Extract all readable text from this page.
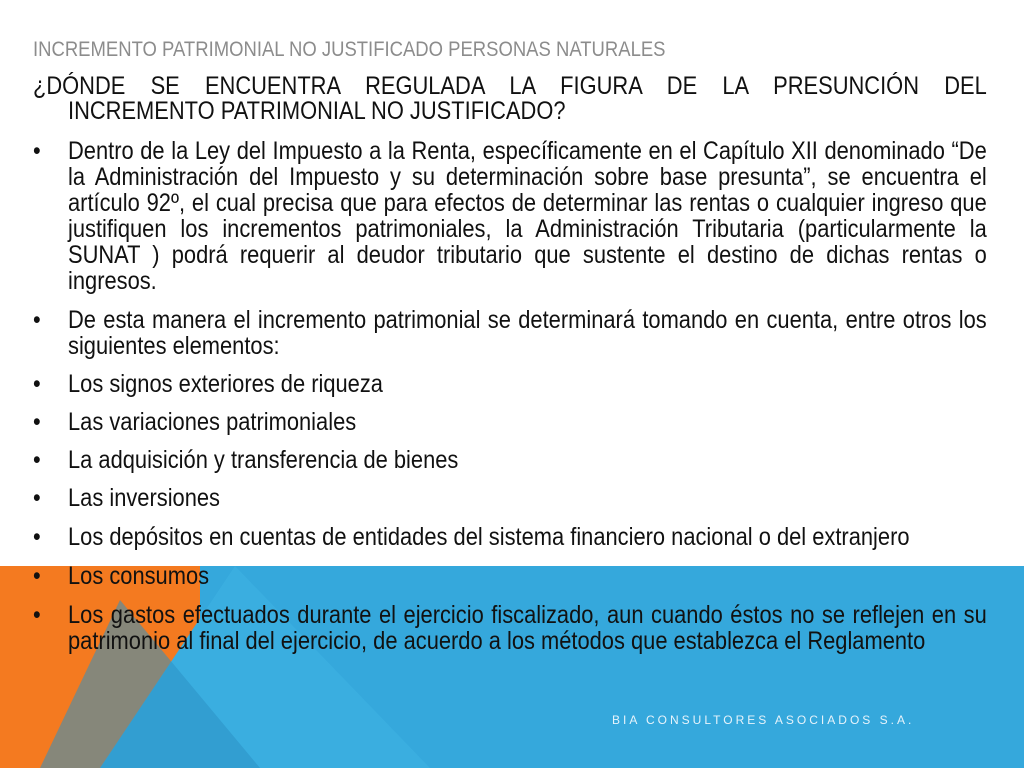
INCREMENTO PATRIMONIAL NO JUSTIFICADO PERSONAS NATURALES
¿DÓNDE SE ENCUENTRA REGULADA LA FIGURA DE LA PRESUNCIÓN DEL
INCREMENTO PATRIMONIAL NO JUSTIFICADO?
•	Dentro de la Ley del Impuesto a la Renta, específicamente en el Capítulo XII denominado “De la Administración del Impuesto y su determinación sobre base presunta”, se encuentra el artículo 92º, el cual precisa que para efectos de determinar las rentas o cualquier ingreso que justifiquen los incrementos patrimoniales, la Administración Tributaria (particularmente la SUNAT ) podrá requerir al deudor tributario que sustente el destino de dichas rentas o ingresos.
•	De esta manera el incremento patrimonial se determinará tomando en cuenta, entre otros los siguientes elementos:
•	Los signos exteriores de riqueza
•	Las variaciones patrimoniales
•	La adquisición y transferencia de bienes
•	Las inversiones
•	Los depósitos en cuentas de entidades del sistema financiero nacional o del extranjero
•	Los consumos
•	Los gastos efectuados durante el ejercicio fiscalizado, aun cuando éstos no se reflejen en su patrimonio al final del ejercicio, de acuerdo a los métodos que establezca el Reglamento
BIA CONSULTORES ASOCIADOS S.A.
